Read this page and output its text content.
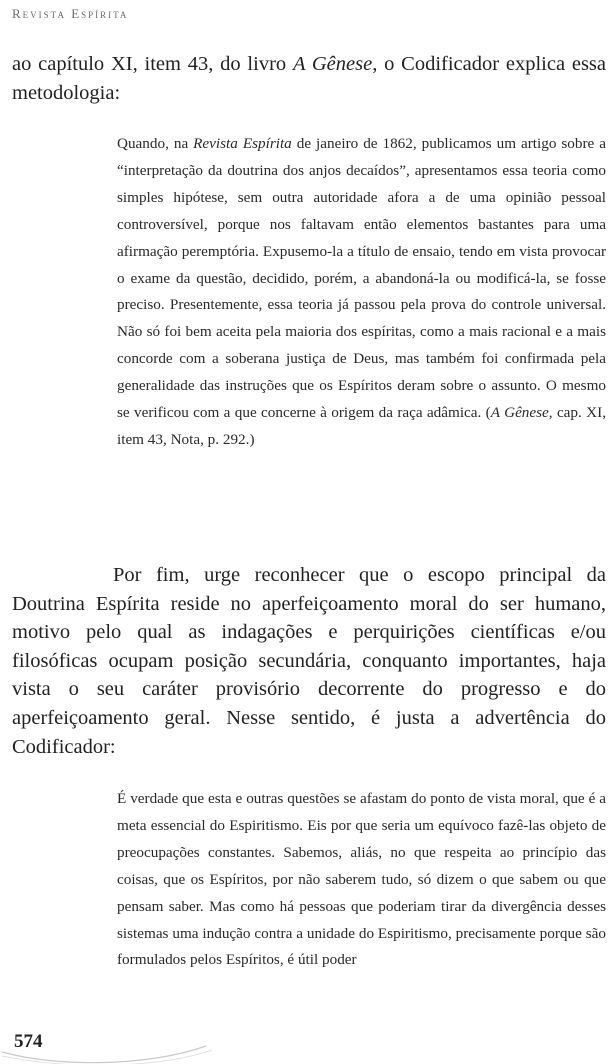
Revista Espírita

ao capítulo XI, item 43, do livro A Gênese, o Codificador explica essa metodologia:

Quando, na Revista Espírita de janeiro de 1862, publicamos um artigo sobre a “interpretação da doutrina dos anjos decaídos”, apresentamos essa teoria como simples hipótese, sem outra autoridade afora a de uma opinião pessoal controversível, porque nos faltavam então elementos bastantes para uma afirmação peremptória. Expusemo-la a título de ensaio, tendo em vista provocar o exame da questão, decidido, porém, a abandoná-la ou modificá-la, se fosse preciso. Presentemente, essa teoria já passou pela prova do controle universal. Não só foi bem aceita pela maioria dos espíritas, como a mais racional e a mais concorde com a soberana justiça de Deus, mas também foi confirmada pela generalidade das instruções que os Espíritos deram sobre o assunto. O mesmo se verificou com a que concerne à origem da raça adâmica. (A Gênese, cap. XI, item 43, Nota, p. 292.)

Por fim, urge reconhecer que o escopo principal da Doutrina Espírita reside no aperfeiçoamento moral do ser humano, motivo pelo qual as indagações e perquirições científicas e/ou filosóficas ocupam posição secundária, conquanto importantes, haja vista o seu caráter provisório decorrente do progresso e do aperfeiçoamento geral. Nesse sentido, é justa a advertência do Codificador:

É verdade que esta e outras questões se afastam do ponto de vista moral, que é a meta essencial do Espiritismo. Eis por que seria um equívoco fazê-las objeto de preocupações constantes. Sabemos, aliás, no que respeita ao princípio das coisas, que os Espíritos, por não saberem tudo, só dizem o que sabem ou que pensam saber. Mas como há pessoas que poderiam tirar da divergência desses sistemas uma indução contra a unidade do Espiritismo, precisamente porque são formulados pelos Espíritos, é útil poder

574
